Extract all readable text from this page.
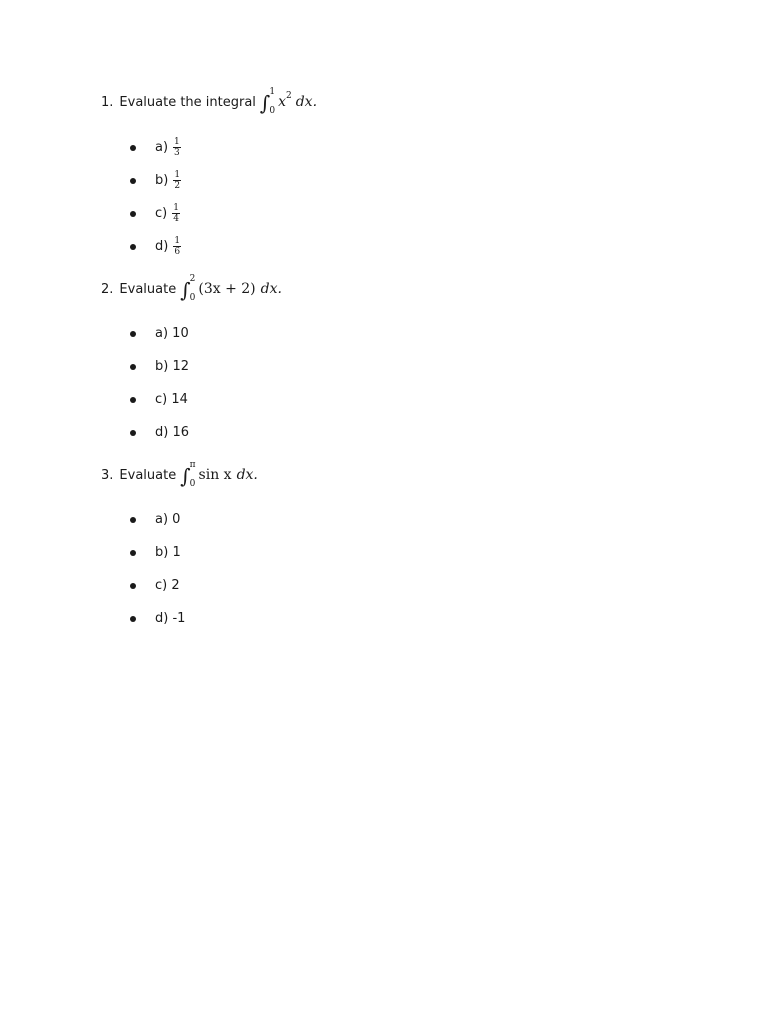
1. Evaluate the integral ∫ 1
0
$x^2$ dx.
$a) \frac{1}{3}$
$b) \frac{1}{2}$
$c) \frac{1}{4}$
$d) \frac{1}{6}$
2. Evaluate ∫ 2
0
(3x + 2) dx.
a) 10
b) 12
c) 14
d) 16
3. Evaluate ∫ π
0
sin x dx.
a) 0
b) 1
c) 2
d) -1
